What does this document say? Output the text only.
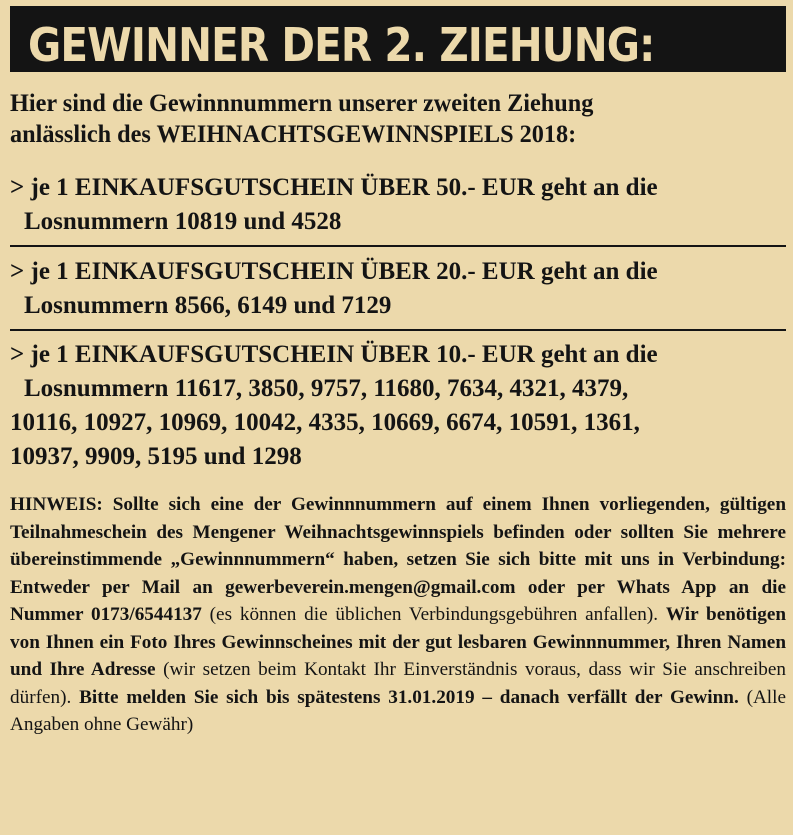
GEWINNER DER 2. ZIEHUNG:
Hier sind die Gewinnnummern unserer zweiten Ziehung
anlässlich des WEIHNACHTSGEWINNSPIELS 2018:
> je 1 EINKAUFSGUTSCHEIN ÜBER 50.- EUR geht an die
Losnummern 10819 und 4528
> je 1 EINKAUFSGUTSCHEIN ÜBER 20.- EUR geht an die
Losnummern 8566, 6149 und 7129
> je 1 EINKAUFSGUTSCHEIN ÜBER 10.- EUR geht an die
Losnummern 11617, 3850, 9757, 11680, 7634, 4321, 4379,
10116, 10927, 10969, 10042, 4335, 10669, 6674, 10591, 1361,
10937, 9909, 5195 und 1298
HINWEIS: Sollte sich eine der Gewinnnummern auf einem Ihnen vorliegenden, gültigen Teilnahmeschein des Mengener Weihnachtsgewinnspiels befinden oder sollten Sie mehrere übereinstimmende „Gewinnnummern“ haben, setzen Sie sich bitte mit uns in Verbindung: Entweder per Mail an gewerbeverein.mengen@gmail.com oder per Whats App an die Nummer 0173/6544137 (es können die üblichen Verbindungsgebühren anfallen). Wir benötigen von Ihnen ein Foto Ihres Gewinnscheines mit der gut lesbaren Gewinnnummer, Ihren Namen und Ihre Adresse (wir setzen beim Kontakt Ihr Einverständnis voraus, dass wir Sie anschreiben dürfen). Bitte melden Sie sich bis spätestens 31.01.2019 – danach verfällt der Gewinn. (Alle Angaben ohne Gewähr)
